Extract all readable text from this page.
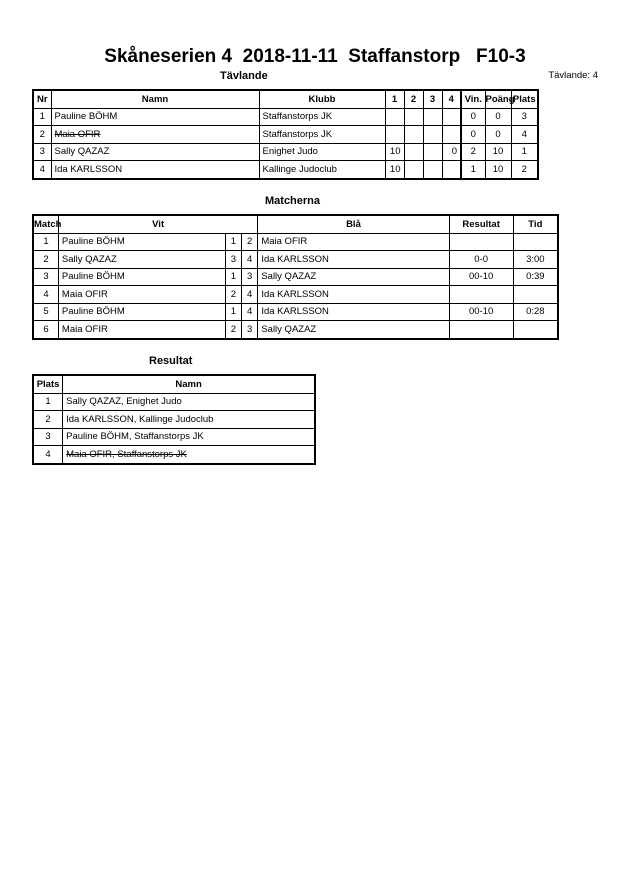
Skåneserien 4  2018-11-11  Staffanstorp   F10-3
Tävlande	Tävlande: 4
Nr	Namn	Klubb	1	2	3	4	Vin.	Poäng	Plats
1	Pauline BÖHM	Staffanstorps JK					0	0	3
2	Maia OFIR	Staffanstorps JK					0	0	4
3	Sally QAZAZ	Enighet Judo	10			0	2	10	1
4	Ida KARLSSON	Kallinge Judoclub	10				1	10	2
Matcherna
Match	Vit			Blå	Resultat	Tid
1	Pauline BÖHM	1	2	Maia OFIR		
2	Sally QAZAZ	3	4	Ida KARLSSON	0-0	3:00
3	Pauline BÖHM	1	3	Sally QAZAZ	00-10	0:39
4	Maia OFIR	2	4	Ida KARLSSON		
5	Pauline BÖHM	1	4	Ida KARLSSON	00-10	0:28
6	Maia OFIR	2	3	Sally QAZAZ		
Resultat
Plats	Namn
1	Sally QAZAZ, Enighet Judo
2	Ida KARLSSON, Kallinge Judoclub
3	Pauline BÖHM, Staffanstorps JK
4	Maia OFIR, Staffanstorps JK
